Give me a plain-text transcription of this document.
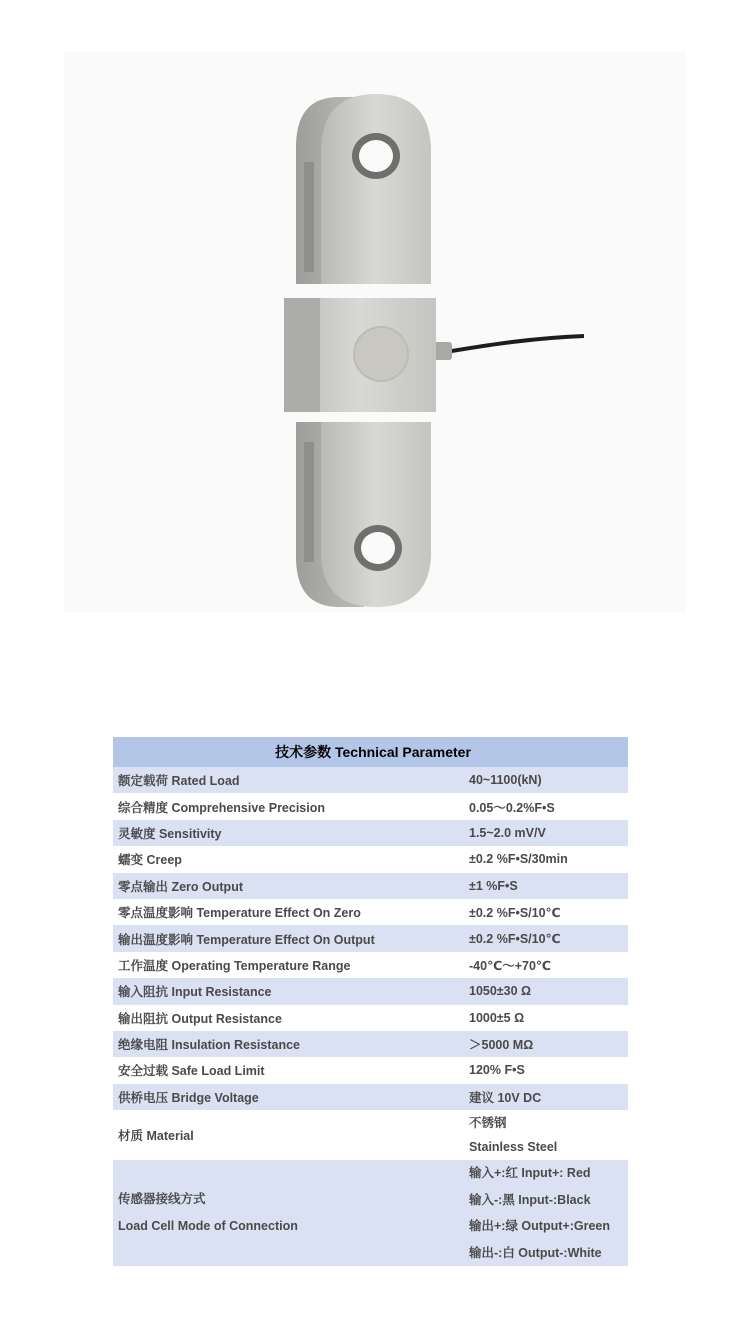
技术参数 Technical Parameter	
额定载荷 Rated Load	40~1100(kN)
综合精度 Comprehensive Precision	0.05～0.2%F•S
灵敏度 Sensitivity	1.5~2.0 mV/V
蠕变 Creep	±0.2 %F•S/30min
零点输出 Zero Output	±1 %F•S
零点温度影响 Temperature Effect On Zero	±0.2 %F•S/10℃
输出温度影响 Temperature Effect On Output	±0.2 %F•S/10℃
工作温度 Operating Temperature Range	-40℃～+70℃
输入阻抗 Input Resistance	1050±30 Ω
输出阻抗 Output Resistance	1000±5 Ω
绝缘电阻 Insulation Resistance	＞5000 MΩ
安全过载 Safe Load Limit	120% F•S
供桥电压 Bridge Voltage	建议 10V DC
材质 Material	不锈钢
Stainless Steel

传感器接线方式
Load Cell Mode of Connection	输入+:红 Input+: Red
输入-:黑 Input-:Black
输出+:绿 Output+:Green
输出-:白 Output-:White
